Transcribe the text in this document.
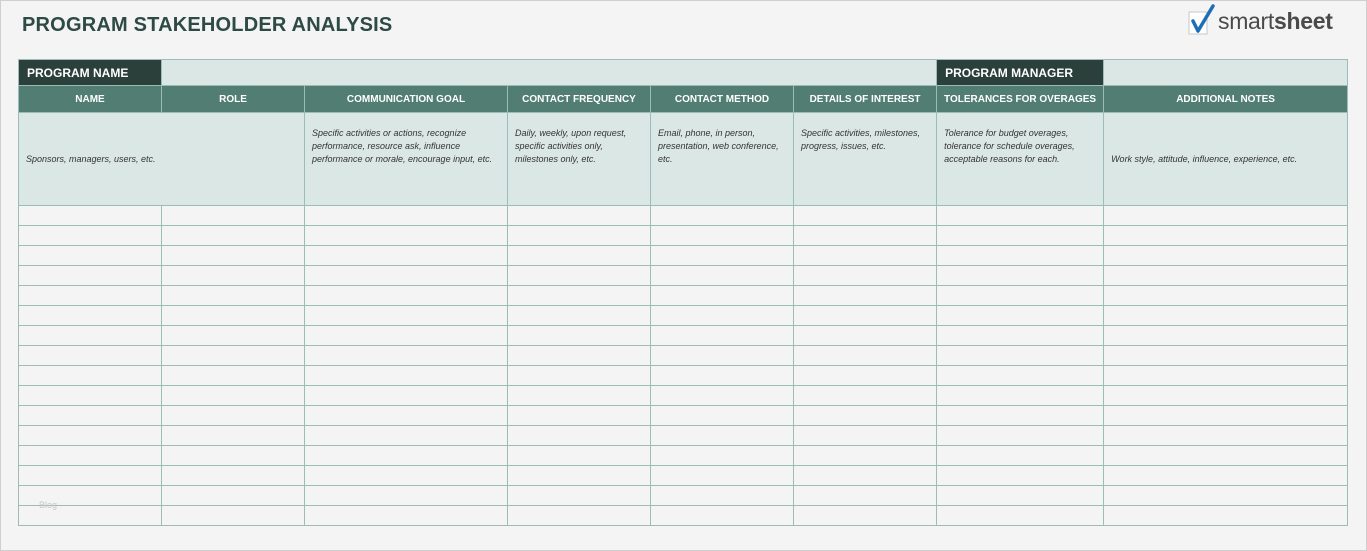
PROGRAM STAKEHOLDER ANALYSIS	smartsheet
PROGRAM NAME						PROGRAM MANAGER	
NAME	ROLE	COMMUNICATION GOAL	CONTACT FREQUENCY	CONTACT METHOD	DETAILS OF INTEREST	TOLERANCES FOR OVERAGES	ADDITIONAL NOTES
Sponsors, managers, users, etc.		Specific activities or actions, recognize performance, resource ask, influence performance or morale, encourage input, etc.	Daily, weekly, upon request, specific activities only, milestones only, etc.	Email, phone, in person, presentation, web conference, etc.	Specific activities, milestones, progress, issues, etc.	Tolerance for budget overages, tolerance for schedule overages, acceptable reasons for each.	Work style, attitude, influence, experience, etc.

Blog
